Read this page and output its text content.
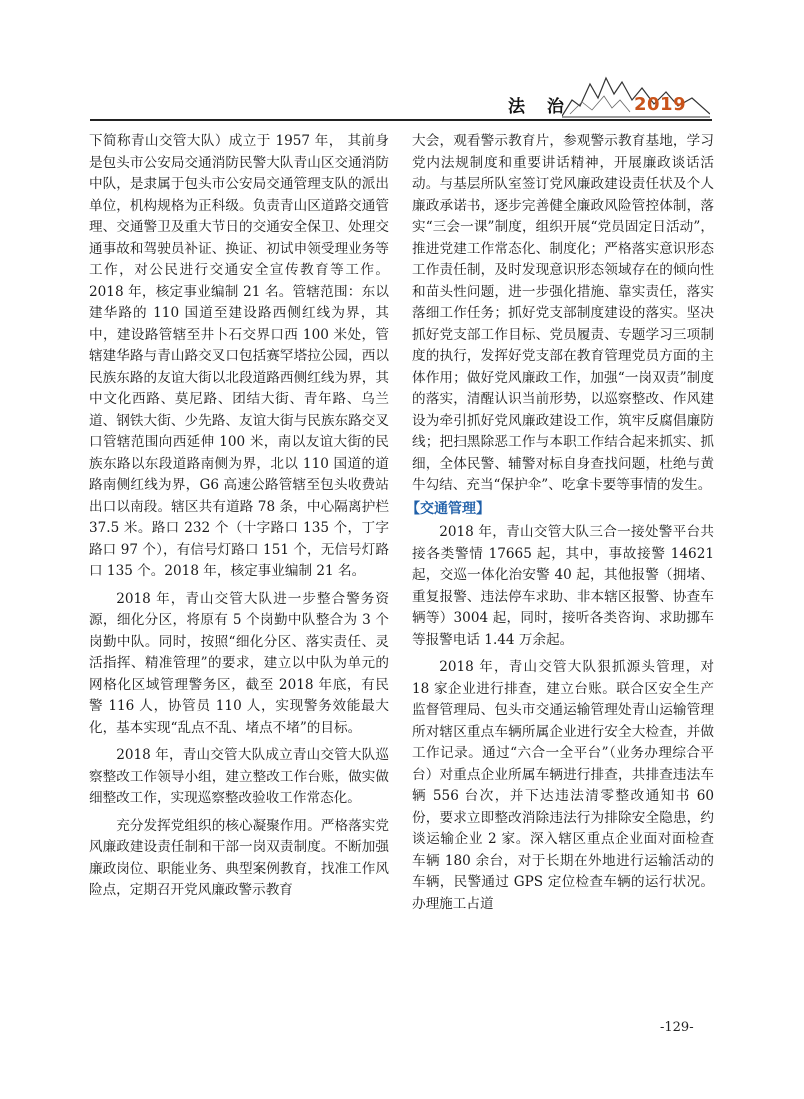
法 治	2019

下简称青山交管大队）成立于 1957 年， 其前身是包头市公安局交通消防民警大队青山区交通消防中队，是隶属于包头市公安局交通管理支队的派出单位，机构规格为正科级。负责青山区道路交通管理、交通警卫及重大节日的交通安全保卫、处理交通事故和驾驶员补证、换证、初试申领受理业务等工作，对公民进行交通安全宣传教育等工作。2018 年，核定事业编制 21 名。管辖范围：东以建华路的 110 国道至建设路西侧红线为界，其中，建设路管辖至井卜石交界口西 100 米处，管辖建华路与青山路交叉口包括赛罕塔拉公园，西以民族东路的友谊大街以北段道路西侧红线为界，其中文化西路、莫尼路、团结大街、青年路、乌兰道、钢铁大街、少先路、友谊大街与民族东路交叉口管辖范围向西延伸 100 米，南以友谊大街的民族东路以东段道路南侧为界，北以 110 国道的道路南侧红线为界，G6 高速公路管辖至包头收费站出口以南段。辖区共有道路 78 条，中心隔离护栏 37.5 米。路口 232 个（十字路口 135 个，丁字路口 97 个），有信号灯路口 151 个，无信号灯路口 135 个。2018 年，核定事业编制 21 名。

2018 年，青山交管大队进一步整合警务资源，细化分区，将原有 5 个岗勤中队整合为 3 个岗勤中队。同时，按照“细化分区、落实责任、灵活指挥、精准管理”的要求，建立以中队为单元的网格化区域管理警务区，截至 2018 年底，有民警 116 人，协管员 110 人，实现警务效能最大化，基本实现“乱点不乱、堵点不堵”的目标。

2018 年，青山交管大队成立青山交管大队巡察整改工作领导小组，建立整改工作台账，做实做细整改工作，实现巡察整改验收工作常态化。

充分发挥党组织的核心凝聚作用。严格落实党风廉政建设责任制和干部一岗双责制度。不断加强廉政岗位、职能业务、典型案例教育，找准工作风险点，定期召开党风廉政警示教育

大会，观看警示教育片，参观警示教育基地，学习党内法规制度和重要讲话精神，开展廉政谈话活动。与基层所队室签订党风廉政建设责任状及个人廉政承诺书，逐步完善健全廉政风险管控体制，落实“三会一课”制度，组织开展“党员固定日活动”，推进党建工作常态化、制度化；严格落实意识形态工作责任制，及时发现意识形态领域存在的倾向性和苗头性问题，进一步强化措施、靠实责任，落实落细工作任务；抓好党支部制度建设的落实。坚决抓好党支部工作目标、党员履责、专题学习三项制度的执行，发挥好党支部在教育管理党员方面的主体作用；做好党风廉政工作，加强“一岗双责”制度的落实，清醒认识当前形势，以巡察整改、作风建设为牵引抓好党风廉政建设工作，筑牢反腐倡廉防线；把扫黑除恶工作与本职工作结合起来抓实、抓细，全体民警、辅警对标自身查找问题，杜绝与黄牛勾结、充当“保护伞”、吃拿卡要等事情的发生。

【交通管理】

2018 年，青山交管大队三合一接处警平台共接各类警情 17665 起，其中，事故接警 14621 起，交巡一体化治安警 40 起，其他报警（拥堵、重复报警、违法停车求助、非本辖区报警、协查车辆等）3004 起，同时，接听各类咨询、求助挪车等报警电话 1.44 万余起。

2018 年，青山交管大队狠抓源头管理，对 18 家企业进行排查，建立台账。联合区安全生产监督管理局、包头市交通运输管理处青山运输管理所对辖区重点车辆所属企业进行安全大检查，并做工作记录。通过“六合一全平台”（业务办理综合平台）对重点企业所属车辆进行排查，共排查违法车辆 556 台次，并下达违法清零整改通知书 60 份，要求立即整改消除违法行为排除安全隐患，约谈运输企业 2 家。深入辖区重点企业面对面检查车辆 180 余台，对于长期在外地进行运输活动的车辆，民警通过 GPS 定位检查车辆的运行状况。办理施工占道

-129-
